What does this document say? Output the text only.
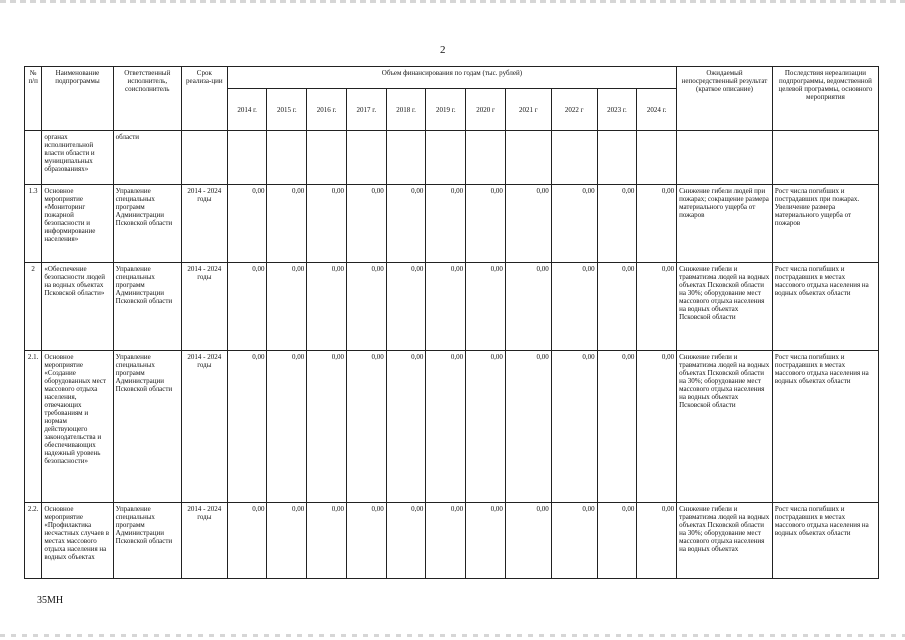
2
№ п/п	Наименование подпрограммы	Ответственный исполнитель, соисполнитель	Срок реализа-ции	Объем финансирования по годам (тыс. рублей)											Ожидаемый непосредственный результат (краткое описание)	Последствия нереализации подпрограммы, ведомственной целевой программы, основного мероприятия
				2014 г.	2015 г.	2016 г.	2017 г.	2018 г.	2019 г.	2020 г	2021 г	2022 г	2023 г.	2024 г.		
	органах исполнительной власти области и муниципальных образованиях»	области														
1.3	Основное мероприятие «Мониторинг пожарной безопасности и информирование населения»	Управление специальных программ Администрации Псковской области	2014 - 2024 годы	0,00	0,00	0,00	0,00	0,00	0,00	0,00	0,00	0,00	0,00	0,00	Снижение гибели людей при пожарах; сокращение размера материального ущерба от пожаров	Рост числа погибших и пострадавших при пожарах. Увеличение размера материального ущерба от пожаров
2	«Обеспечение безопасности людей на водных объектах Псковской области»	Управление специальных программ Администрации Псковской области	2014 - 2024 годы	0,00	0,00	0,00	0,00	0,00	0,00	0,00	0,00	0,00	0,00	0,00	Снижение гибели и травматизма людей на водных объектах Псковской области на 30%; оборудование мест массового отдыха населения на водных объектах Псковской области	Рост числа погибших и пострадавших в местах массового отдыха населения на водных объектах области
2.1.	Основное мероприятие «Создание оборудованных мест массового отдыха населения, отвечающих требованиям и нормам действующего законодательства и обеспечивающих надежный уровень безопасности»	Управление специальных программ Администрации Псковской области	2014 - 2024 годы	0,00	0,00	0,00	0,00	0,00	0,00	0,00	0,00	0,00	0,00	0,00	Снижение гибели и травматизма людей на водных объектах Псковской области на 30%; оборудование мест массового отдыха населения на водных объектах Псковской области	Рост числа погибших и пострадавших в местах массового отдыха населения на водных объектах области
2.2.	Основное мероприятие «Профилактика несчастных случаев в местах массового отдыха населения на водных объектах	Управление специальных программ Администрации Псковской области	2014 - 2024 годы	0,00	0,00	0,00	0,00	0,00	0,00	0,00	0,00	0,00	0,00	0,00	Снижение гибели и травматизма людей на водных объектах Псковской области на 30%; оборудование мест массового отдыха населения на водных объектах	Рост числа погибших и пострадавших в местах массового отдыха населения на водных объектах области
35МН
